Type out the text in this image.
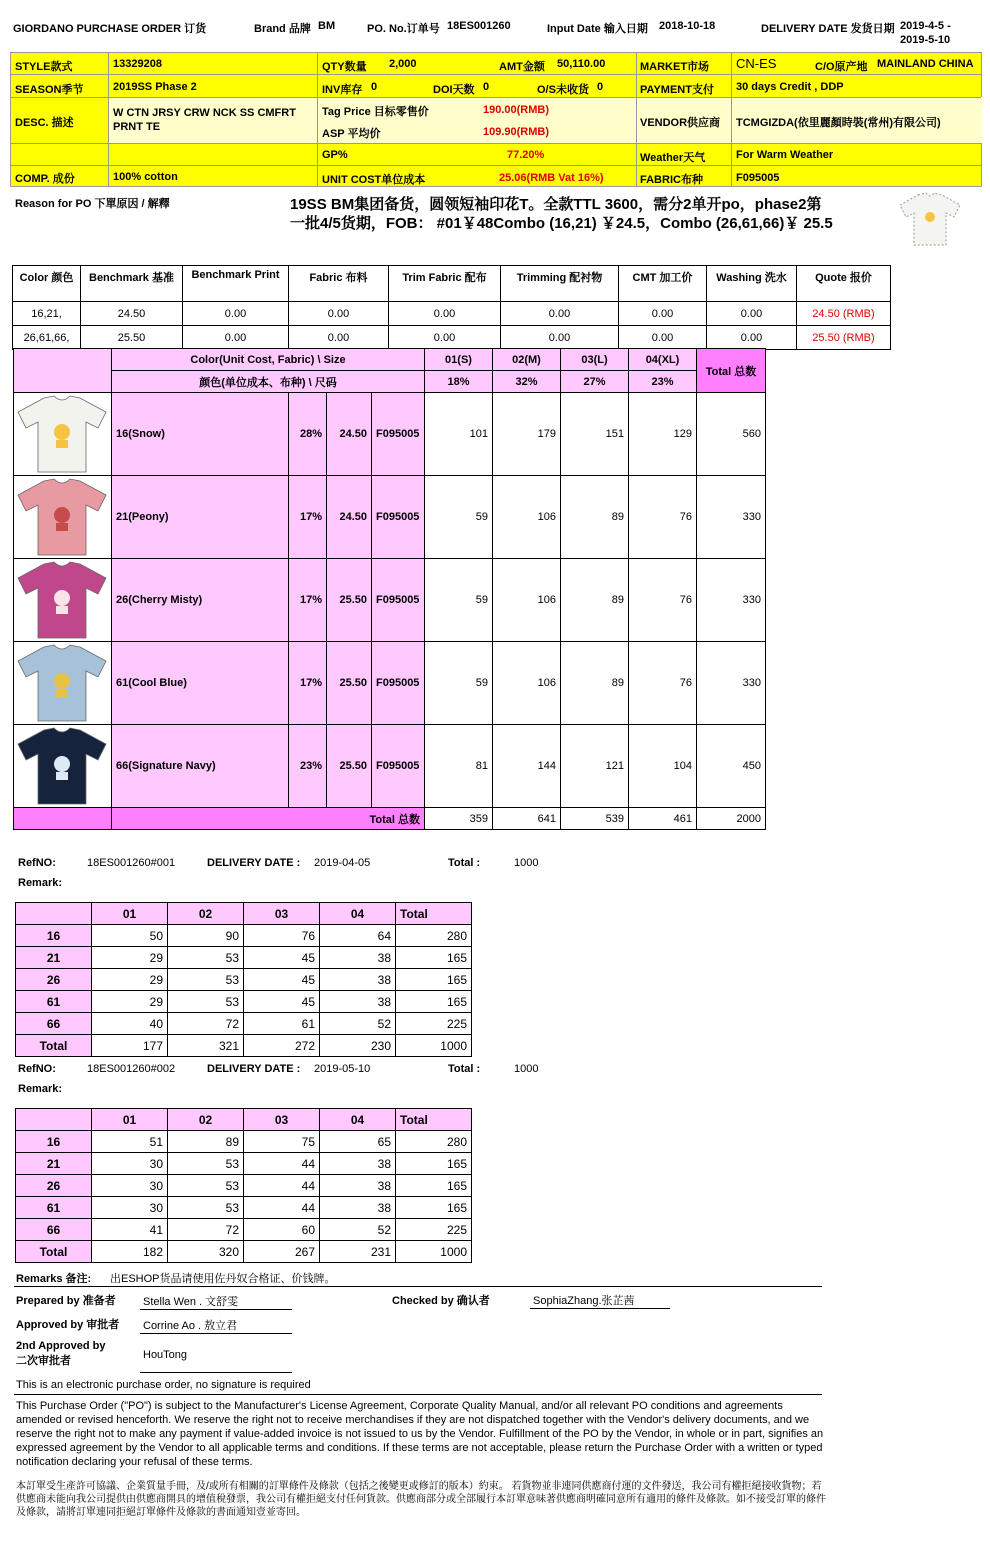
GIORDANO PURCHASE ORDER 订货	Brand 品牌 BM	PO. No.订单号 18ES001260	Input Date 输入日期 2018-10-18	DELIVERY DATE 发货日期 2019-4-5 -
2019-5-10
STYLE款式	13329208
SEASON季节	2019SS Phase 2
DESC. 描述
W CTN JRSY CRW NCK SS CMFRT
PRNT TE
COMP. 成份	100% cotton
QTY数量 2,000	AMT金额 50,110.00
INV库存 0	DOI天数 0	O/S未收货 0
Tag Price 目标零售价	190.00(RMB)
ASP 平均价	109.90(RMB)
GP%	77.20%
UNIT COST单位成本	25.06(RMB Vat 16%)
MARKET市场 CN-ES	C/O原产地 MAINLAND CHINA
PAYMENT支付 30 days Credit , DDP
VENDOR供应商 TCMGIZDA(依里麗顏時裝(常州)有限公司)
Weather天气	For Warm Weather
FABRIC布种	F095005
Reason for PO 下單原因 / 解釋	19SS BM集团备货，圆领短袖印花T。全款TTL 3600，需分2单开po，phase2第
一批4/5货期，FOB： #01￥48Combo (16,21) ￥24.5，Combo (26,61,66)￥ 25.5
Color 颜色	Benchmark 基准	Benchmark Print	Fabric 布料	Trim Fabric 配布	Trimming 配衬物	CMT 加工价	Washing 洗水	Quote 报价
16,21,	24.50	0.00	0.00	0.00	0.00	0.00	0.00	24.50 (RMB)
26,61,66,	25.50	0.00	0.00	0.00	0.00	0.00	0.00	25.50 (RMB)
	Color(Unit Cost, Fabric) \ Size				01(S)	02(M)	03(L)	04(XL)	Total 总数
	颜色(单位成本、布种) \ 尺码				18%	32%	27%	23%	

	16(Snow)	28%	24.50	F095005	101	179	151	129	560

	21(Peony)	17%	24.50	F095005	59	106	89	76	330

	26(Cherry Misty)	17%	25.50	F095005	59	106	89	76	330

	61(Cool Blue)	17%	25.50	F095005	59	106	89	76	330

	66(Signature Navy)	23%	25.50	F095005	81	144	121	104	450
	Total 总数				359	641	539	461	2000
RefNO:	18ES001260#001	DELIVERY DATE : 2019-04-05	Total :	1000
Remark:
	01	02	03	04	Total
16	50	90	76	64	280
21	29	53	45	38	165
26	29	53	45	38	165
61	29	53	45	38	165
66	40	72	61	52	225
Total	177	321	272	230	1000
RefNO:	18ES001260#002	DELIVERY DATE : 2019-05-10	Total :	1000
Remark:
	01	02	03	04	Total
16	51	89	75	65	280
21	30	53	44	38	165
26	30	53	44	38	165
61	30	53	44	38	165
66	41	72	60	52	225
Total	182	320	267	231	1000
Remarks 备注: 出ESHOP货品请使用佐丹奴合格证、价钱牌。
Prepared by 准备者 Stella Wen . 文舒雯	Checked by 确认者	SophiaZhang.张芷茜
Approved by 审批者 Corrine Ao . 敖立君
2nd Approved by
二次审批者	HouTong
This is an electronic purchase order, no signature is required
This Purchase Order ("PO") is subject to the Manufacturer's License Agreement, Corporate Quality Manual, and/or all relevant PO conditions and agreements amended or revised henceforth. We reserve the right not to receive merchandises if they are not dispatched together with the Vendor's delivery documents, and we reserve the right not to make any payment if value-added invoice is not issued to us by the Vendor. Fulfillment of the PO by the Vendor, in whole or in part, signifies an expressed agreement by the Vendor to all applicable terms and conditions. If these terms are not acceptable, please return the Purchase Order with a written or typed notification declaring your refusal of these terms.
本訂單受生產許可協議、企業質量手冊，及/或所有相關的訂單條件及條款（包括之後變更或修訂的版本）約束。 若貨物並非連同供應商付運的文件發送，我公司有權拒絕接收貨物；若供應商未能向我公司提供由供應商開具的增值稅發票，我公司有權拒絕支付任何貨款。供應商部分或全部履行本訂單意味著供應商明確同意所有適用的條件及條款。如不接受訂單的條件及條款，請將訂單連同拒絕訂單條件及條款的書面通知壹並寄回。
